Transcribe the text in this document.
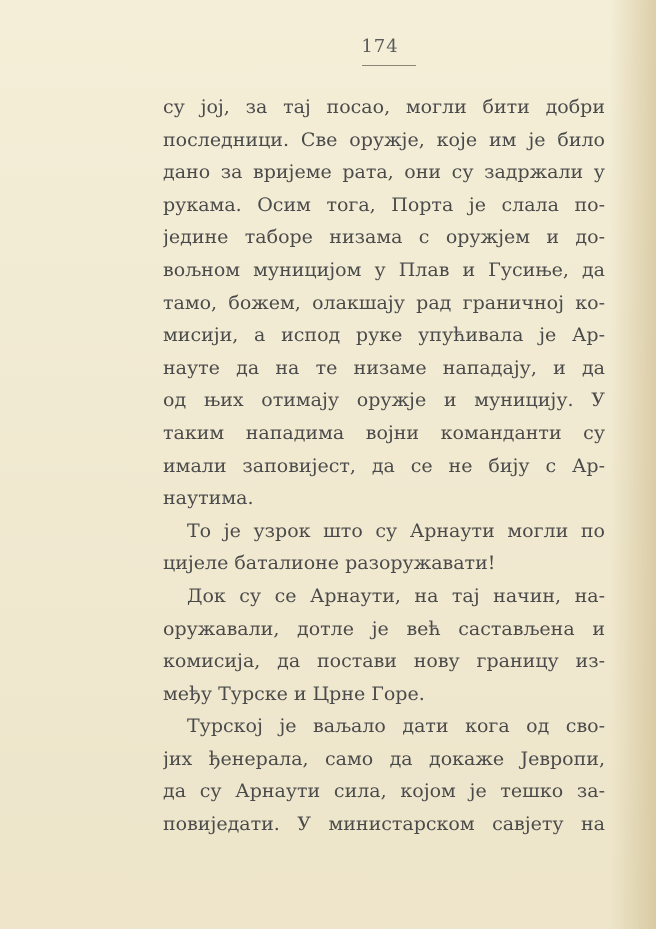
174
су јој, за тај посао, могли бити добри
последници. Све оружје, које им је било
дано за вријеме рата, они су задржали у
рукама. Осим тога, Порта је слала по-
једине таборе низама с оружјем и до-
вољном муницијом у Плав и Гусиње, да
тамо, божем, олакшају рад граничној ко-
мисији, а испод руке упућивала је Ар-
науте да на те низаме нападају, и да
од њих отимају оружје и муницију. У
таким нападима војни команданти су
имали заповијест, да се не бију с Ар-
наутима.
То је узрок што су Арнаути могли по
цијеле баталионе разоружавати!
Док су се Арнаути, на тај начин, на-
оружавали, дотле је већ састављена и
комисија, да постави нову границу из-
међу Турске и Црне Горе.
Турској је ваљало дати кога од сво-
јих ђенерала, само да докаже Јевропи,
да су Арнаути сила, којом је тешко за-
повиједати. У министарском савјету на
